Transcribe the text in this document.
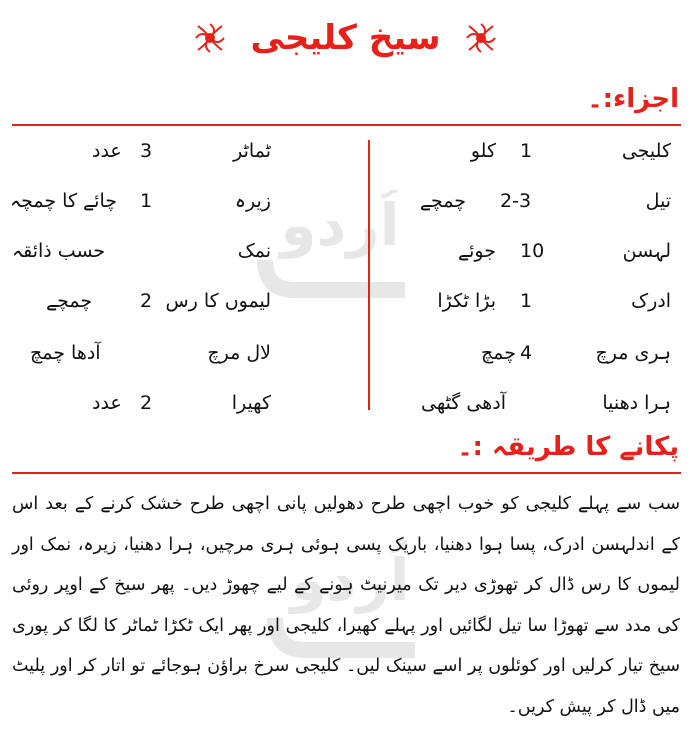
اُردو
اُردو
سیخ کلیجی
اجزاء:۔
کلیجی
1
کلو
تیل
2-3
چمچے
لہسن
10
جوئے
ادرک
1
بڑا ٹکڑا
ہری مرچ
4
چمچ
ہرا دھنیا
آدھی گٹھی
ٹماٹر
3
عدد
زیرہ
1
چائے کا چمچہ
نمک
حسب ذائقہ
لیموں کا رس
2
چمچے
لال مرچ
آدھا چمچ
کھیرا
2
عدد
پکانے کا طریقہ :۔

سب سے پہلے کلیجی کو خوب اچھی طرح دھولیں پانی اچھی طرح خشک کرنے کے بعد اس کے اندلہسن ادرک، پسا ہوا دھنیا، باریک پسی ہوئی ہری مرچیں، ہرا دھنیا، زیرہ، نمک اور لیموں کا رس ڈال کر تھوڑی دیر تک میرنیٹ ہونے کے لیے چھوڑ دیں۔ پھر سیخ کے اوپر روئی کی مدد سے تھوڑا سا تیل لگائیں اور پہلے کھیرا، کلیجی اور پھر ایک ٹکڑا ٹماٹر کا لگا کر پوری سیخ تیار کرلیں اور کوئلوں پر اسے سینک لیں۔ کلیجی سرخ براؤن ہوجائے تو اتار کر اور پلیٹ میں ڈال کر پیش کریں۔
